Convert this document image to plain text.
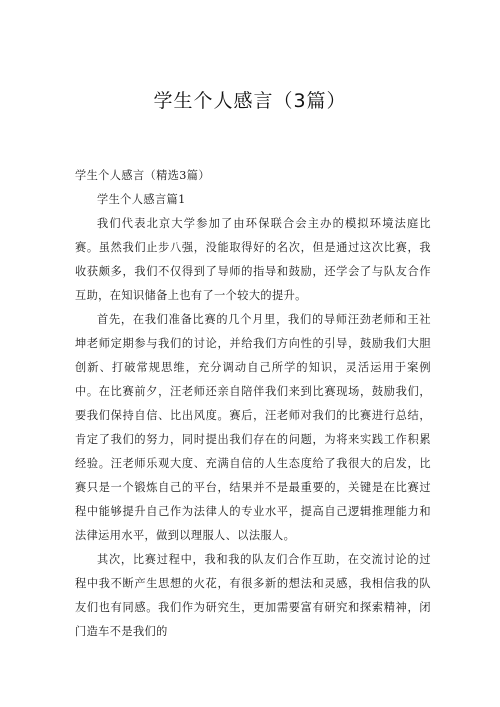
学生个人感言（3篇）

学生个人感言（精选3篇）

学生个人感言篇1

我们代表北京大学参加了由环保联合会主办的模拟环境法庭比赛。虽然我们止步八强，没能取得好的名次，但是通过这次比赛，我收获颇多，我们不仅得到了导师的指导和鼓励，还学会了与队友合作互助，在知识储备上也有了一个较大的提升。

首先，在我们准备比赛的几个月里，我们的导师汪劲老师和王社坤老师定期参与我们的讨论，并给我们方向性的引导，鼓励我们大胆创新、打破常规思维，充分调动自己所学的知识，灵活运用于案例中。在比赛前夕，汪老师还亲自陪伴我们来到比赛现场，鼓励我们，要我们保持自信、比出风度。赛后，汪老师对我们的比赛进行总结，肯定了我们的努力，同时提出我们存在的问题，为将来实践工作积累经验。汪老师乐观大度、充满自信的人生态度给了我很大的启发，比赛只是一个锻炼自己的平台，结果并不是最重要的，关键是在比赛过程中能够提升自己作为法律人的专业水平，提高自己逻辑推理能力和法律运用水平，做到以理服人、以法服人。

其次，比赛过程中，我和我的队友们合作互助，在交流讨论的过程中我不断产生思想的火花，有很多新的想法和灵感，我相信我的队友们也有同感。我们作为研究生，更加需要富有研究和探索精神，闭门造车不是我们的
